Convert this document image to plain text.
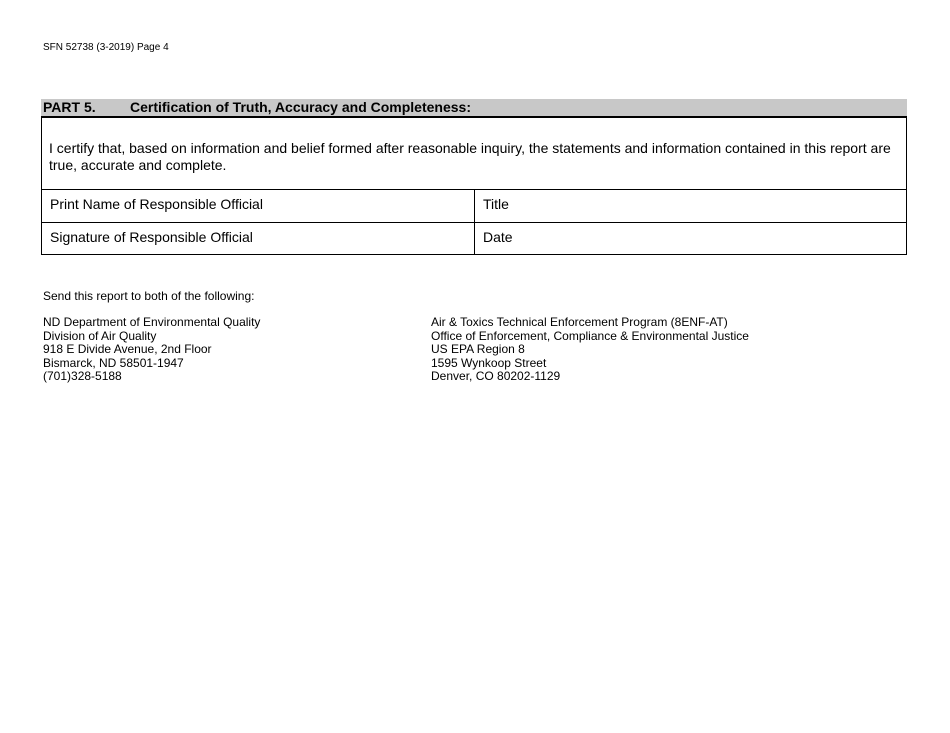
SFN 52738 (3-2019) Page 4
PART 5. Certification of Truth, Accuracy and Completeness:
I certify that, based on information and belief formed after reasonable inquiry, the statements and information contained in this report are true, accurate and complete.
Print Name of Responsible Official	Title
Signature of Responsible Official	Date
Send this report to both of the following:
ND Department of Environmental Quality
Division of Air Quality
918 E Divide Avenue, 2nd Floor
Bismarck, ND 58501-1947
(701)328-5188
Air & Toxics Technical Enforcement Program (8ENF-AT)
Office of Enforcement, Compliance & Environmental Justice
US EPA Region 8
1595 Wynkoop Street
Denver, CO 80202-1129
